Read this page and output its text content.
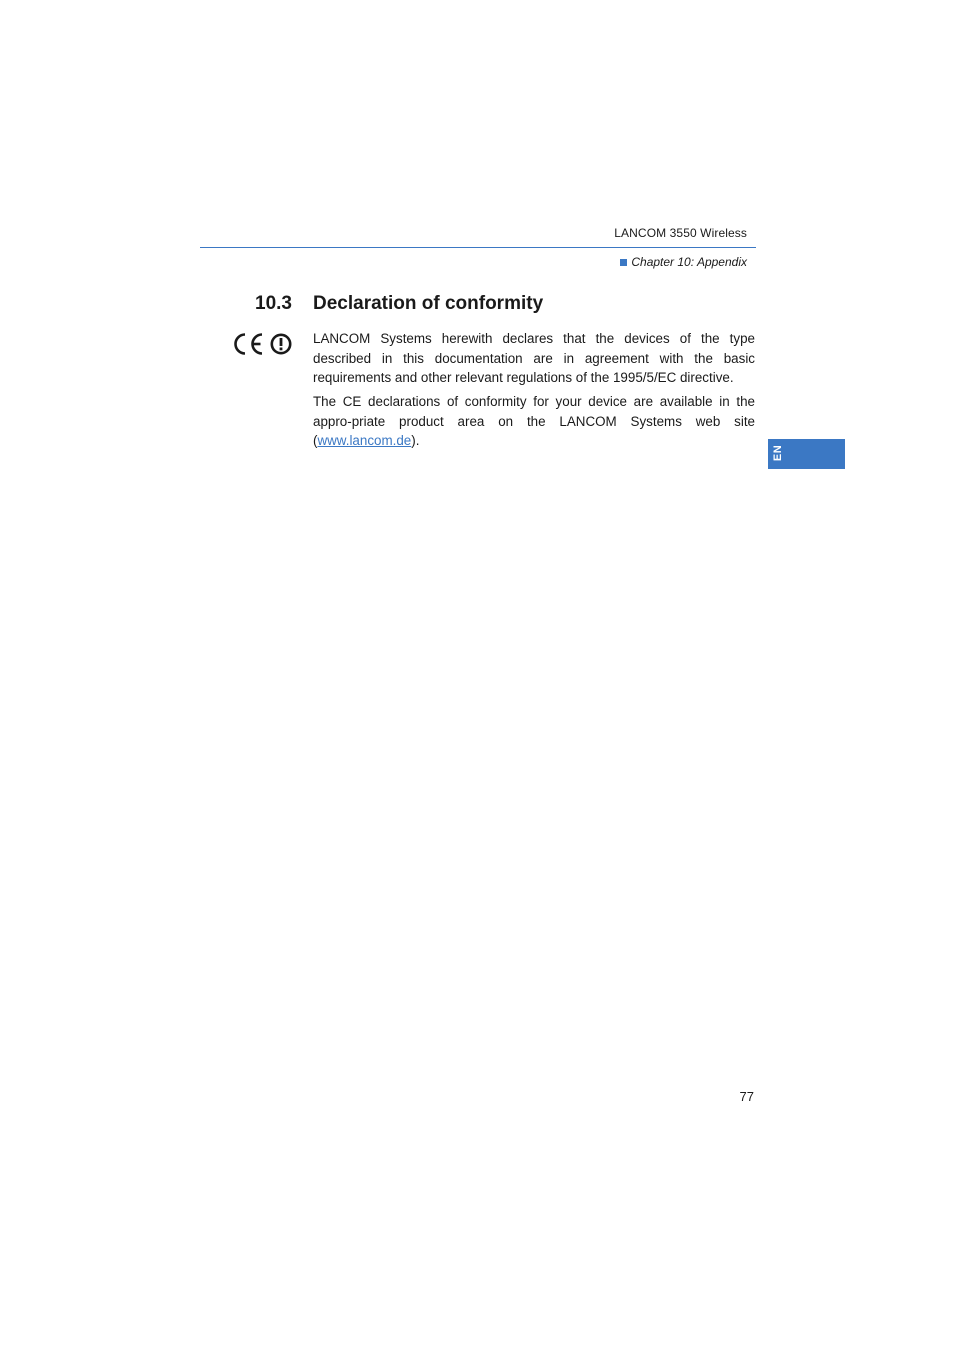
LANCOM 3550 Wireless
Chapter 10: Appendix
10.3 Declaration of conformity

LANCOM Systems herewith declares that the devices of the type described in this documentation are in agreement with the basic requirements and other relevant regulations of the 1995/5/EC directive.

The CE declarations of conformity for your device are available in the appro-priate product area on the LANCOM Systems web site (www.lancom.de).

EN
77
